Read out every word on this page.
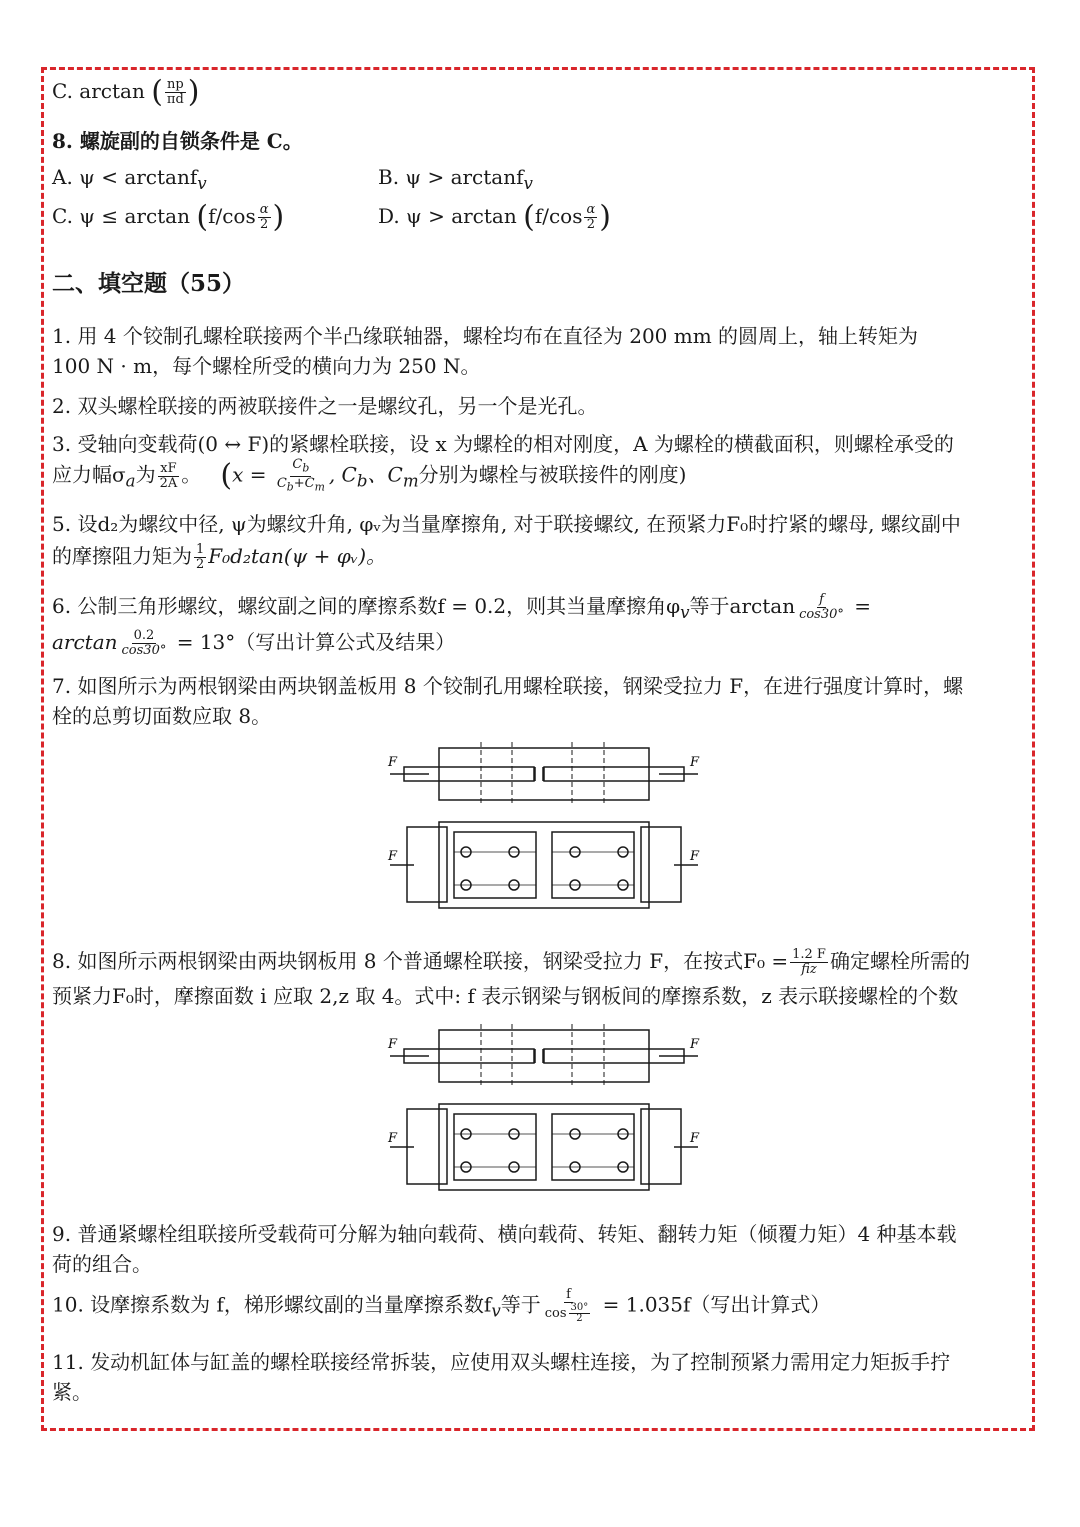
C. arctan ( $\frac{np}{\pi d}$ )
8. 螺旋副的自锁条件是 C。
A. ψ < arctanf$_v$	B. ψ > arctanf$_v$
C. $\psi \le \arctan (f/\cos \frac{\alpha}{2}$ )	D. $\psi > \arctan (f/\cos \frac{\alpha}{2}$ )
二、填空题（55）
1. 用 4 个铰制孔螺栓联接两个半凸缘联轴器，螺栓均布在直径为 200 mm 的圆周上，轴上转矩为
100 N · m，每个螺栓所受的横向力为 250 N。
2. 双头螺栓联接的两被联接件之一是螺纹孔，另一个是光孔。
3. 受轴向变载荷(0 ↔ F)的紧螺栓联接，设 x 为螺栓的相对刚度，A 为螺栓的横截面积，则螺栓承受的
应力幅$\sigma_a$为 $\frac{xF}{2A}$ 。 ($x = \frac{C_b}{C_b+C_m}$ , $C_b$、$C_m$分别为螺栓与被联接件的刚度)
5. 设d₂为螺纹中径, ψ为螺纹升角, φᵥ为当量摩擦角, 对于联接螺纹, 在预紧力F₀时拧紧的螺母, 螺纹副中
的摩擦阻力矩为 $\frac{1}{2} F_0d_2\tan(\psi$ + φᵥ)。
6. 公制三角形螺纹，螺纹副之间的摩擦系数f = 0.2，则其当量摩擦角$\varphi_v$等于$\arctan \frac{f}{\cos 30^\circ}$ =
$\arctan \frac{0.2}{\cos 30^\circ} = 13^\circ$（写出计算公式及结果）
7. 如图所示为两根钢梁由两块钢盖板用 8 个铰制孔用螺栓联接，钢梁受拉力 F，在进行强度计算时，螺
栓的总剪切面数应取 8。
F	F
F	F
8. 如图所示两根钢梁由两块钢板用 8 个普通螺栓联接，钢梁受拉力 F，在按式$F_0 = \frac{1.2 F}{\text{fiz}}$ 确定螺栓所需的
预紧力F₀时，摩擦面数 i 应取 2,z 取 4。式中: f 表示钢梁与钢板间的摩擦系数，z 表示联接螺栓的个数
F	F
F	F
9. 普通紧螺栓组联接所受载荷可分解为轴向载荷、横向载荷、转矩、翻转力矩（倾覆力矩）4 种基本载
荷的组合。
10. 设摩擦系数为 f，梯形螺纹副的当量摩擦系数$f_v$等于 $\frac{f}{\cos \frac{30^\circ}{2}} = 1.035f$（写出计算式）
11. 发动机缸体与缸盖的螺栓联接经常拆装，应使用双头螺柱连接，为了控制预紧力需用定力矩扳手拧
紧。
